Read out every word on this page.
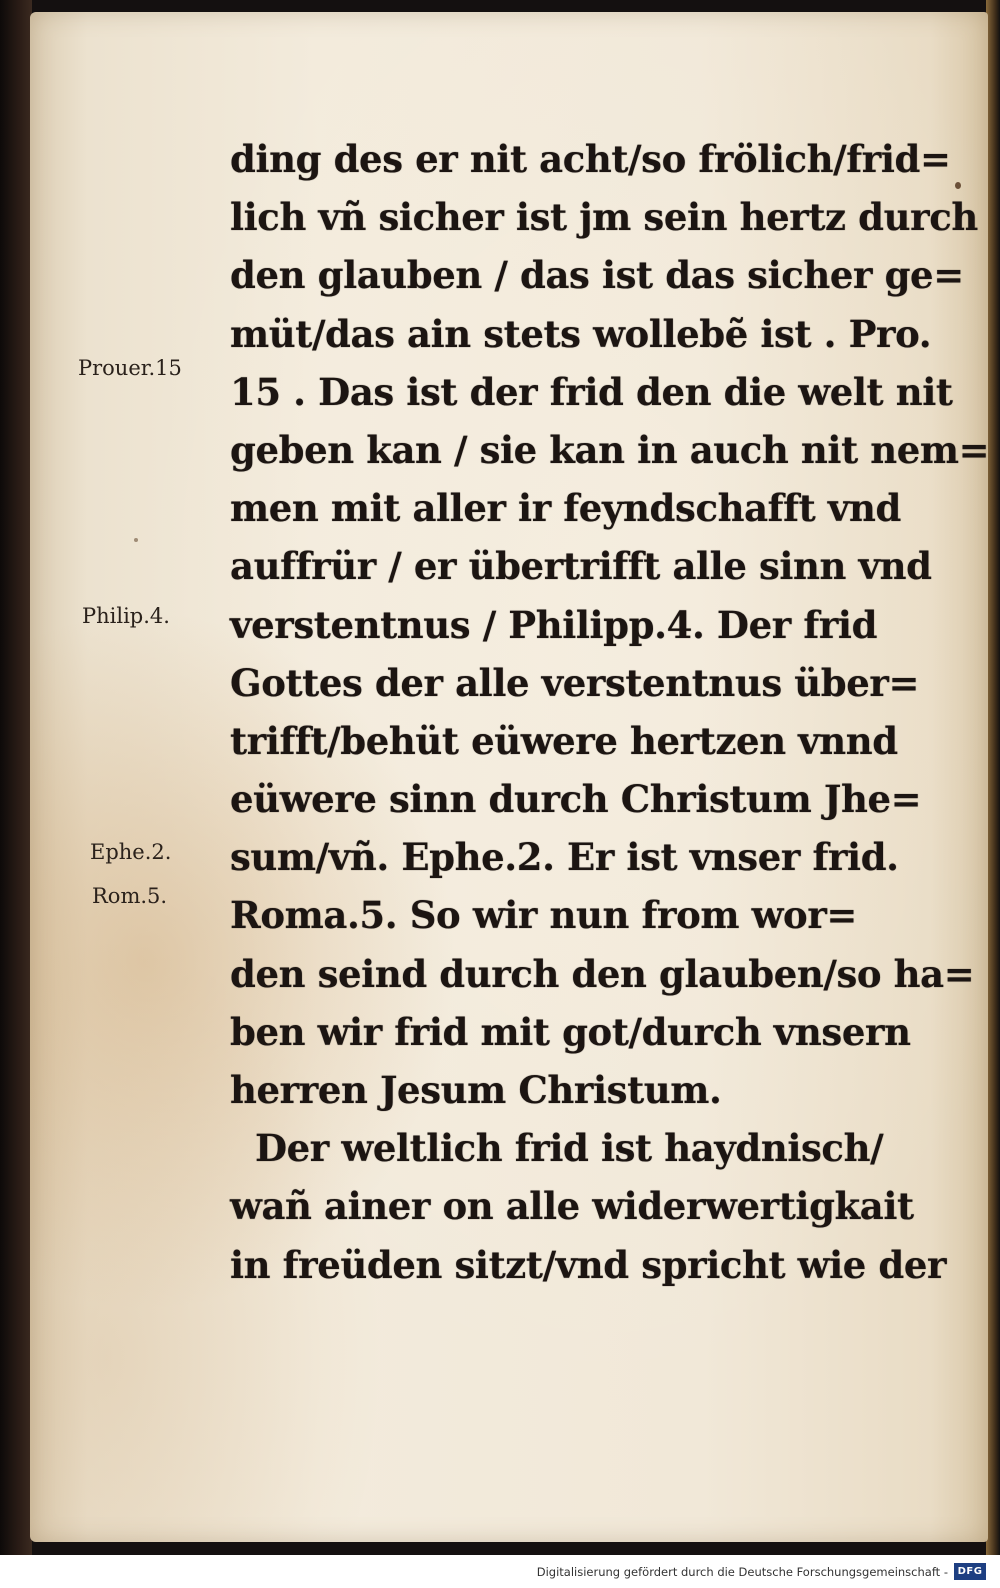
ding des er nit acht/so frölich/frid=
lich vñ sicher ist jm sein hertz durch
den glauben / das ist das sicher ge=
müt/das ain stets wollebẽ ist . Pro.
15 . Das ist der frid den die welt nit
geben kan / sie kan in auch nit nem=
men mit aller ir feyndschafft vnd
auffrür / er übertrifft alle sinn vnd
verstentnus / Philipp.4. Der frid
Gottes der alle verstentnus über=
trifft/behüt eüwere hertzen vnnd
eüwere sinn durch Christum Jhe=
sum/vñ. Ephe.2. Er ist vnser frid.
Roma.5. So wir nun from wor=
den seind durch den glauben/so ha=
ben wir frid mit got/durch vnsern
herren Jesum Christum.
Der weltlich frid ist haydnisch/
wañ ainer on alle widerwertigkait
in freüden sitzt/vnd spricht wie der
Prouer.15
Philip.4.
Ephe.2.
Rom.5.
Digitalisierung gefördert durch die Deutsche Forschungsgemeinschaft - DFG
